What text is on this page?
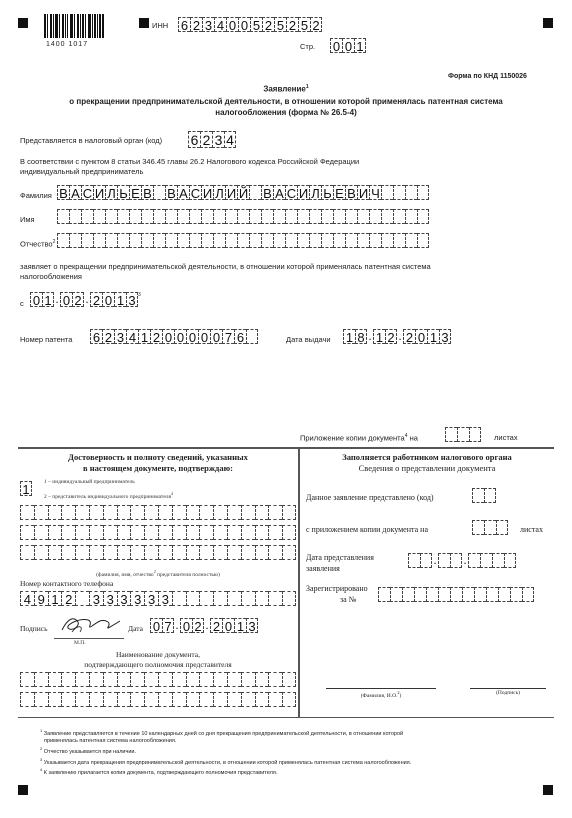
1400 1017
ИНН 6 2 3 4 0 0 5 2 5 2 5 2
Стр. 0 0 1
Форма по КНД 1150026
Заявление$^1$
о прекращении предпринимательской деятельности, в отношении которой применялась патентная система
налогообложения (форма № 26.5-4)
Представляется в налоговый орган (код) 6 2 3 4
В соответствии с пунктом 8 статьи 346.45 главы 26.2 Налогового кодекса Российской Федерации
индивидуальный предприниматель
Фамилия В А С И Л Ь Е В В А С И Л И Й В А С И Л Ь Е В И Ч
Имя
Отчество$^2$
заявляет о прекращении предпринимательской деятельности, в отношении которой применялась патентная система
налогообложения
с 0 1 . 0 2 . 2 0 1 3 $^3$
Номер патента 6 2 3 4 1 2 0 0 0 0 0 7 6	Дата выдачи 1 8 . 1 2 . 2 0 1 3
Приложение копии документа$^4$ на	листах
Достоверность и полноту сведений, указанных
в настоящем документе, подтверждаю:
1	1 – индивидуальный предприниматель
2 – представитель индивидуального предпринимателя$^4$
(фамилия, имя, отчество$^2$ представителя полностью)
Номер контактного телефона
4 9 1 2 3 3 3 3 3 3
Подпись	Дата 0 7 . 0 2 . 2 0 1 3
М.П.
Наименование документа,
подтверждающего полномочия представителя
Заполняется работником налогового органа
Сведения о представлении документа
Данное заявление представлено (код)
с приложением копии документа на	листах
Дата представления
заявления
. .
Зарегистрировано
за №
(Фамилия, И.О.$^2$)	(Подпись)
$^1$ Заявление представляется в течение 10 календарных дней со дня прекращения предпринимательской деятельности, в отношении которой
применялась патентная система налогообложения.
$^2$ Отчество указывается при наличии.
$^3$ Указывается дата прекращения предпринимательской деятельности, в отношении которой применялась патентная система налогообложения.
$^4$ К заявлению прилагается копия документа, подтверждающего полномочия представителя.
